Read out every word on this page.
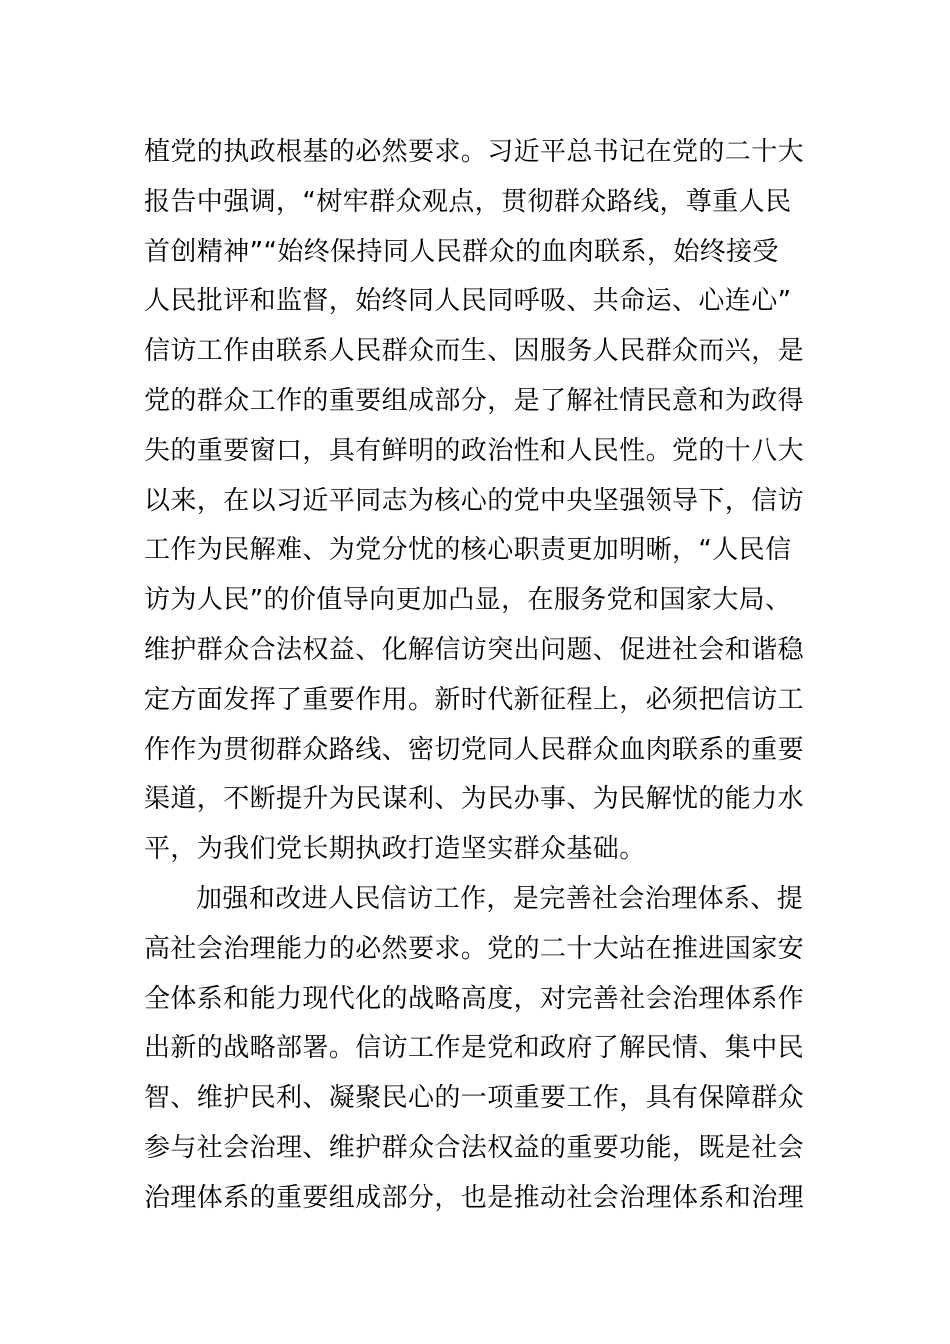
植党的执政根基的必然要求。习近平总书记在党的二十大
报告中强调，“树牢群众观点，贯彻群众路线，尊重人民
首创精神”“始终保持同人民群众的血肉联系，始终接受
人民批评和监督，始终同人民同呼吸、共命运、心连心”
信访工作由联系人民群众而生、因服务人民群众而兴，是
党的群众工作的重要组成部分，是了解社情民意和为政得
失的重要窗口，具有鲜明的政治性和人民性。党的十八大
以来，在以习近平同志为核心的党中央坚强领导下，信访
工作为民解难、为党分忧的核心职责更加明晰，“人民信
访为人民”的价值导向更加凸显，在服务党和国家大局、
维护群众合法权益、化解信访突出问题、促进社会和谐稳
定方面发挥了重要作用。新时代新征程上，必须把信访工
作作为贯彻群众路线、密切党同人民群众血肉联系的重要
渠道，不断提升为民谋利、为民办事、为民解忧的能力水
平，为我们党长期执政打造坚实群众基础。
加强和改进人民信访工作，是完善社会治理体系、提
高社会治理能力的必然要求。党的二十大站在推进国家安
全体系和能力现代化的战略高度，对完善社会治理体系作
出新的战略部署。信访工作是党和政府了解民情、集中民
智、维护民利、凝聚民心的一项重要工作，具有保障群众
参与社会治理、维护群众合法权益的重要功能，既是社会
治理体系的重要组成部分，也是推动社会治理体系和治理
